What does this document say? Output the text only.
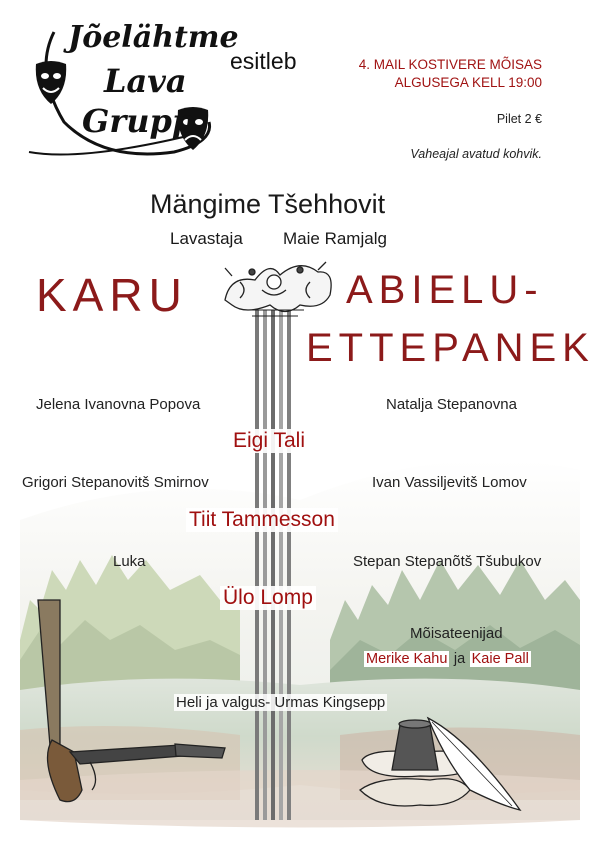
Jõelähtme
Lava
Grupp
esitleb	4. MAIL KOSTIVERE MÕISAS
ALGUSEGA KELL 19:00
Pilet 2 €
Vaheajal avatud kohvik.
Mängime Tšehhovit
Lavastaja Maie Ramjalg
KARU	ABIELU-
ETTEPANEK
Jelena Ivanovna Popova	Natalja Stepanovna
Eigi Tali
Grigori Stepanovitš Smirnov	Ivan Vassiljevitš Lomov
Tiit Tammesson
Luka	Stepan Stepanõtš Tšubukov
Ülo Lomp
Mõisateenijad
Merike Kahu ja Kaie Pall
Heli ja valgus- Urmas Kingsepp
